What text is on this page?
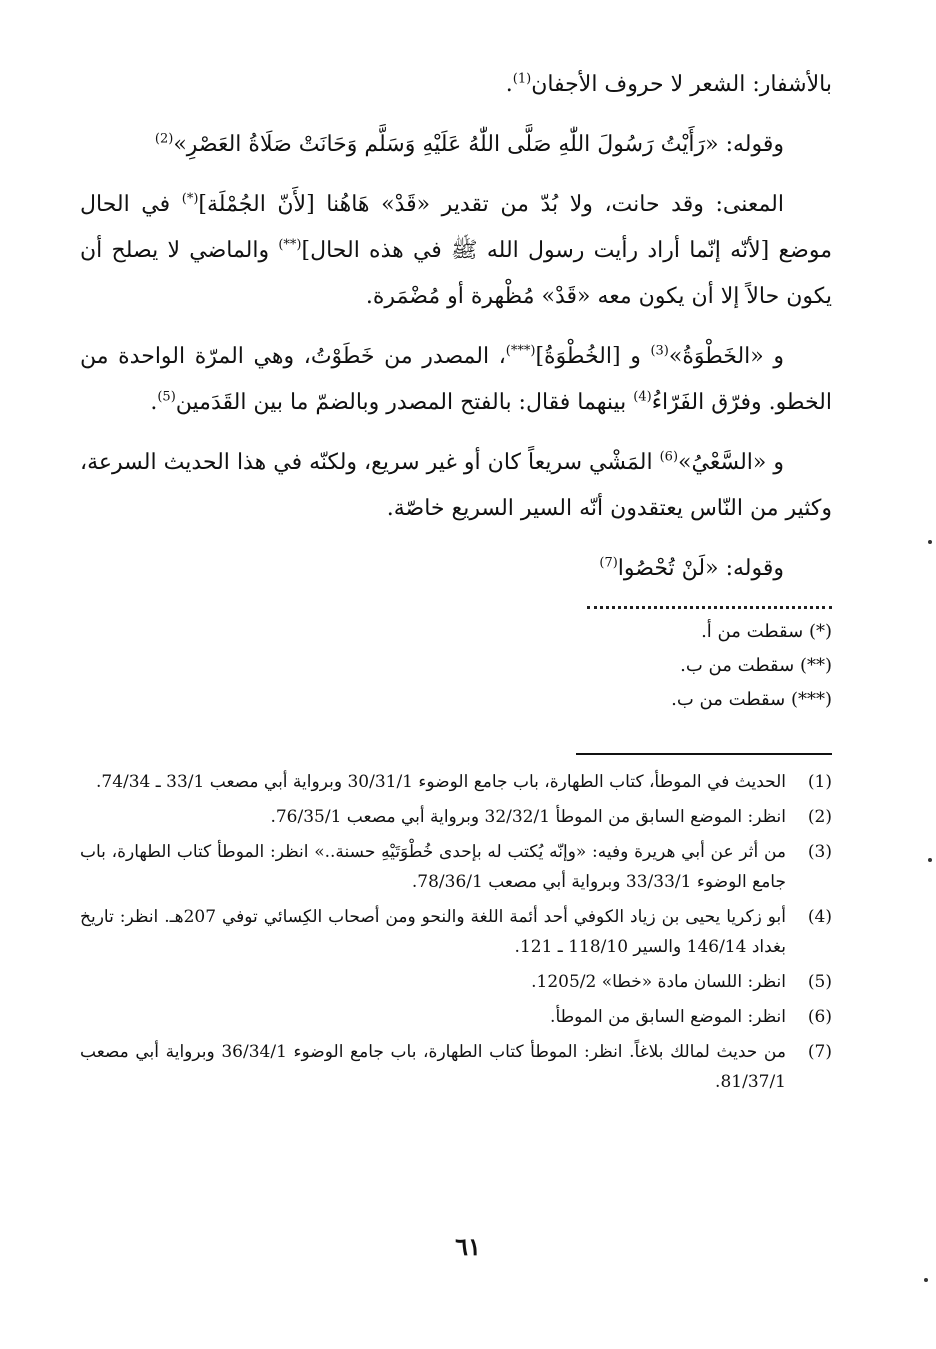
بالأشفار: الشعر لا حروف الأجفان$^{(1)}$.

وقوله: «رَأَيْتُ رَسُولَ اللّٰهِ صَلَّى اللّٰهُ عَلَيْهِ وَسَلَّم وَحَانَتْ صَلَاةُ العَصْرِ»$^{(2)}$

المعنى: وقد حانت، ولا بُدّ من تقدير «قَدْ» هَاهُنا [لأَنّ الجُمْلَة](*) في الحال موضع [لأنّه إنّما أراد رأيت رسول الله ﷺ في هذه الحال](**) والماضي لا يصلح أن يكون حالاً إلا أن يكون معه «قَدْ» مُظْهرة أو مُضْمَرة.

و «الخَطْوَةُ»$^{(3)}$ و [الخُطْوَةُ](***)، المصدر من خَطَوْتُ، وهي المرّة الواحدة من الخطو. وفرّق الفَرّاءُ$^{(4)}$ بينهما فقال: بالفتح المصدر وبالضمّ ما بين القَدَمين$^{(5)}$.

و «السَّعْيُ»$^{(6)}$ المَشْي سريعاً كان أو غير سريع، ولكنّه في هذا الحديث السرعة، وكثير من النّاس يعتقدون أنّه السير السريع خاصّة.

وقوله: «لَنْ تُحْصُوا$^{(7)}$

(*) سقطت من أ.
(**) سقطت من ب.
(***) سقطت من ب.
(1)
الحديث في الموطأ، كتاب الطهارة، باب جامع الوضوء 30/31/1 وبرواية أبي مصعب 33/1 ـ 74/34.
(2)
انظر: الموضع السابق من الموطأ 32/32/1 وبرواية أبي مصعب 76/35/1.
(3)
من أثر عن أبي هريرة وفيه: «وإنّه يُكتب له بإحدى خُطْوَتَيْهِ حسنة..» انظر: الموطأ كتاب الطهارة، باب جامع الوضوء 33/33/1 وبرواية أبي مصعب 78/36/1.
(4)
أبو زكريا يحيى بن زياد الكوفي أحد أئمة اللغة والنحو ومن أصحاب الكِسائي توفي 207هـ. انظر: تاريخ بغداد 146/14 والسير 118/10 ـ 121.
(5)
انظر: اللسان مادة «خطا» 1205/2.
(6)
انظر: الموضع السابق من الموطأ.
(7)
من حديث لمالك بلاغاً. انظر: الموطأ كتاب الطهارة، باب جامع الوضوء 36/34/1 وبرواية أبي مصعب 81/37/1.
٦١
